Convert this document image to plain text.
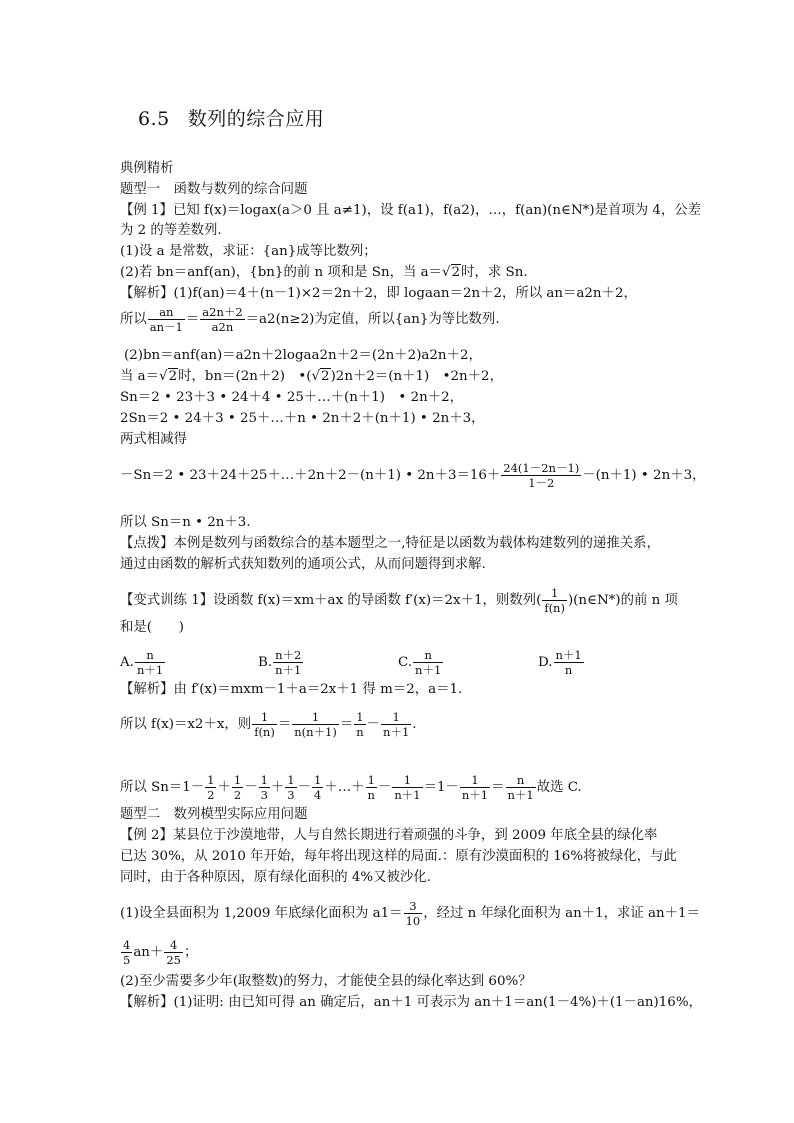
6.5 数列的综合应用
典例精析
题型一　函数与数列的综合问题
【例 1】已知 f(x)＝logax(a＞0 且 a≠1)，设 f(a1)，f(a2)，…，f(an)(n∈N*)是首项为 4，公差
为 2 的等差数列.
(1)设 a 是常数，求证：{an}成等比数列；
(2)若 bn＝anf(an)，{bn}的前 n 项和是 Sn，当 a＝√2时，求 Sn.
【解析】(1)f(an)＝4＋(n－1)×2＝2n＋2，即 logaan＝2n＋2，所以 an＝a2n＋2，
所以 $\frac{an}{an-1} = \frac{a2n+2}{a2n} =a2(n\ge 2)$为定值，所以{an}为等比数列.
(2)bn＝anf(an)＝a2n＋2logaa2n＋2＝(2n＋2)a2n＋2，
当 a＝√2时，bn＝(2n＋2)　•(√2)2n＋2＝(n＋1)　•2n＋2，
Sn＝2 • 23＋3 • 24＋4 • 25＋…＋(n＋1)　• 2n＋2，
2Sn＝2 • 24＋3 • 25＋…＋n • 2n＋2＋(n＋1) • 2n＋3，
两式相减得
－Sn＝2 • 23＋24＋25＋…＋2n＋2－(n＋1) • $2n+3=16+ \frac{24(1-2n-1)}{1-2} -(n+1)$ • 2n＋3，
所以 Sn＝n • 2n＋3.
【点拨】本例是数列与函数综合的基本题型之一,特征是以函数为载体构建数列的递推关系，
通过由函数的解析式获知数列的通项公式，从而问题得到求解.
【变式训练 1】设函数 f(x)＝xm＋ax 的导函数 f′(x)＝2x＋1，则数列( $\frac{1}{f(n)}$ )(n∈N*)的前 n 项
和是(　　)
A. $\frac{n}{n+1}$	B. $\frac{n+2}{n+1}$	C. $\frac{n}{n+1}$	D. $\frac{n+1}{n}$
【解析】由 f′(x)＝mxm－1＋a＝2x＋1 得 m＝2，a＝1.
所以 f(x)＝x2＋x，则 $\frac{1}{f(n)} = \frac{1}{n(n+1)} = \frac{1}{n} - \frac{1}{n+1}$ .
所以 $Sn=1- \frac{1}{2} + \frac{1}{2} - \frac{1}{3} + \frac{1}{3} - \frac{1}{4}$ ＋…＋ $\frac{1}{n} - \frac{1}{n+1} =1- \frac{1}{n+1} = \frac{n}{n+1}$ 故选 C.
题型二　数列模型实际应用问题
【例 2】某县位于沙漠地带，人与自然长期进行着顽强的斗争，到 2009 年底全县的绿化率
已达 30%，从 2010 年开始，每年将出现这样的局面.：原有沙漠面积的 16%将被绿化，与此
同时，由于各种原因，原有绿化面积的 4%又被沙化.
(1)设全县面积为 1,2009 年底绿化面积为 $a1= \frac{3}{10}$ ，经过 n 年绿化面积为 an＋1，求证 an＋1＝
$\frac{4}{5} an+ \frac{4}{25}$ ；
(2)至少需要多少年(取整数)的努力，才能使全县的绿化率达到 60%？
【解析】(1)证明: 由已知可得 an 确定后，an＋1 可表示为 an＋1＝an(1－4%)＋(1－an)16%，
